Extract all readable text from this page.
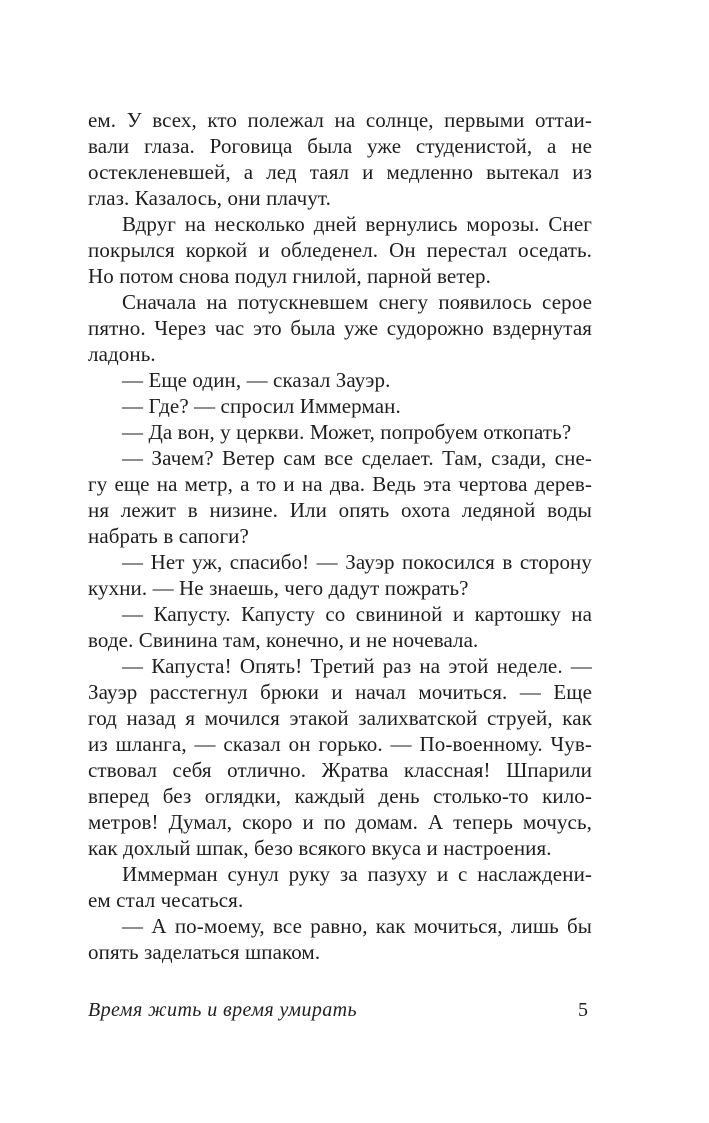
ем. У всех, кто полежал на солнце, первыми оттаи-
вали глаза. Роговица была уже студенистой, а не
остекленевшей, а лед таял и медленно вытекал из
глаз. Казалось, они плачут.
Вдруг на несколько дней вернулись морозы. Снег
покрылся коркой и обледенел. Он перестал оседать.
Но потом снова подул гнилой, парной ветер.
Сначала на потускневшем снегу появилось серое
пятно. Через час это была уже судорожно вздернутая
ладонь.
— Еще один, — сказал Зауэр.
— Где? — спросил Иммерман.
— Да вон, у церкви. Может, попробуем откопать?
— Зачем? Ветер сам все сделает. Там, сзади, сне-
гу еще на метр, а то и на два. Ведь эта чертова дерев-
ня лежит в низине. Или опять охота ледяной воды
набрать в сапоги?
— Нет уж, спасибо! — Зауэр покосился в сторону
кухни. — Не знаешь, чего дадут пожрать?
— Капусту. Капусту со свининой и картошку на
воде. Свинина там, конечно, и не ночевала.
— Капуста! Опять! Третий раз на этой неделе. —
Зауэр расстегнул брюки и начал мочиться. — Еще
год назад я мочился этакой залихватской струей, как
из шланга, — сказал он горько. — По-военному. Чув-
ствовал себя отлично. Жратва классная! Шпарили
вперед без оглядки, каждый день столько-то кило-
метров! Думал, скоро и по домам. А теперь мочусь,
как дохлый шпак, безо всякого вкуса и настроения.
Иммерман сунул руку за пазуху и с наслаждени-
ем стал чесаться.
— А по-моему, все равно, как мочиться, лишь бы
опять заделаться шпаком.
Время жить и время умирать	5
